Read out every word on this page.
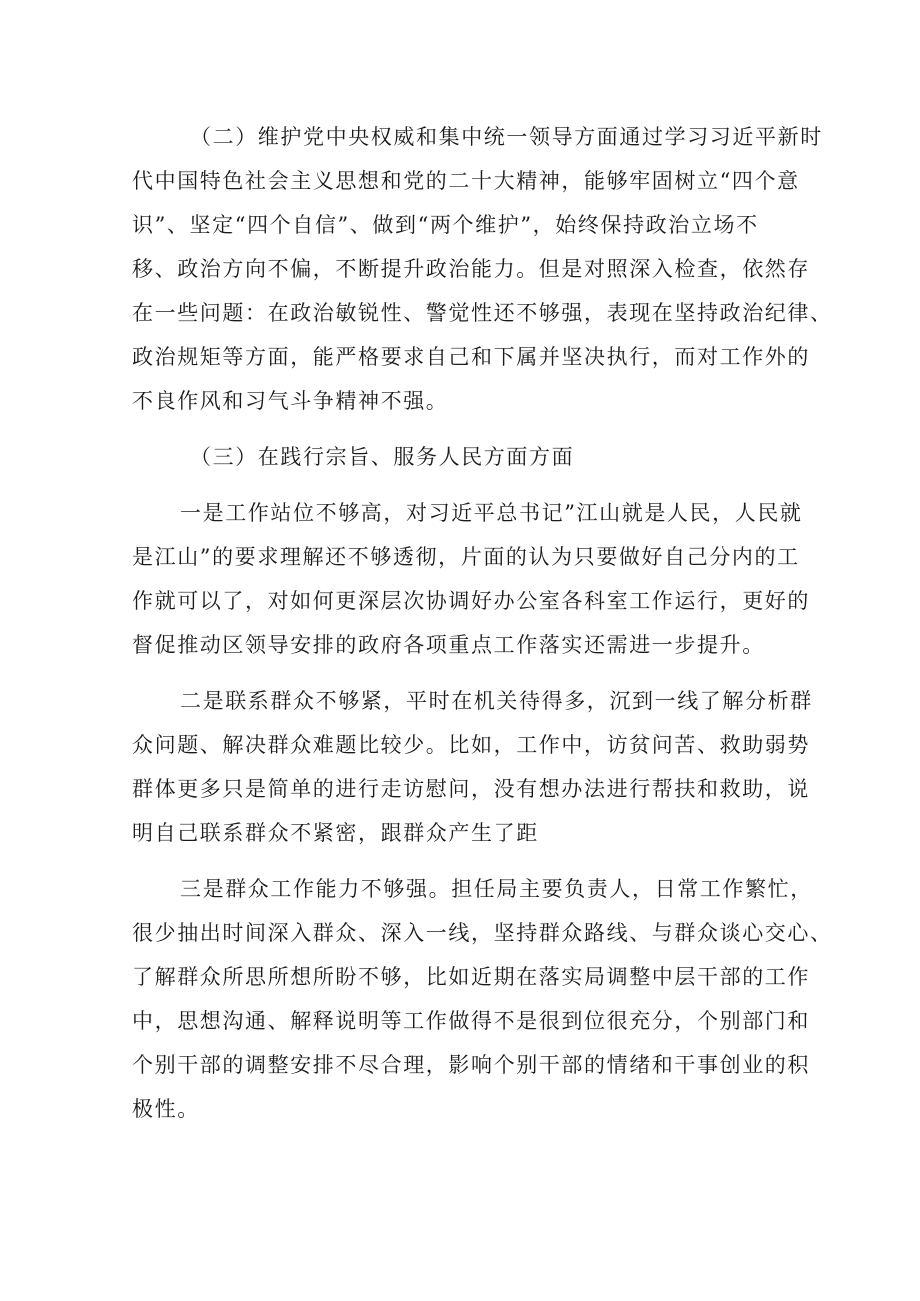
（二）维护党中央权威和集中统一领导方面通过学习习近平新时
代中国特色社会主义思想和党的二十大精神，能够牢固树立“四个意
识”、坚定“四个自信”、做到“两个维护”，始终保持政治立场不
移、政治方向不偏，不断提升政治能力。但是对照深入检查，依然存
在一些问题：在政治敏锐性、警觉性还不够强，表现在坚持政治纪律、
政治规矩等方面，能严格要求自己和下属并坚决执行，而对工作外的
不良作风和习气斗争精神不强。
（三）在践行宗旨、服务人民方面方面
一是工作站位不够高，对习近平总书记”江山就是人民，人民就
是江山”的要求理解还不够透彻，片面的认为只要做好自己分内的工
作就可以了，对如何更深层次协调好办公室各科室工作运行，更好的
督促推动区领导安排的政府各项重点工作落实还需进一步提升。
二是联系群众不够紧，平时在机关待得多，沉到一线了解分析群
众问题、解决群众难题比较少。比如，工作中，访贫问苦、救助弱势
群体更多只是简单的进行走访慰问，没有想办法进行帮扶和救助，说
明自己联系群众不紧密，跟群众产生了距
三是群众工作能力不够强。担任局主要负责人，日常工作繁忙，
很少抽出时间深入群众、深入一线，坚持群众路线、与群众谈心交心、
了解群众所思所想所盼不够，比如近期在落实局调整中层干部的工作
中，思想沟通、解释说明等工作做得不是很到位很充分，个别部门和
个别干部的调整安排不尽合理，影响个别干部的情绪和干事创业的积
极性。
